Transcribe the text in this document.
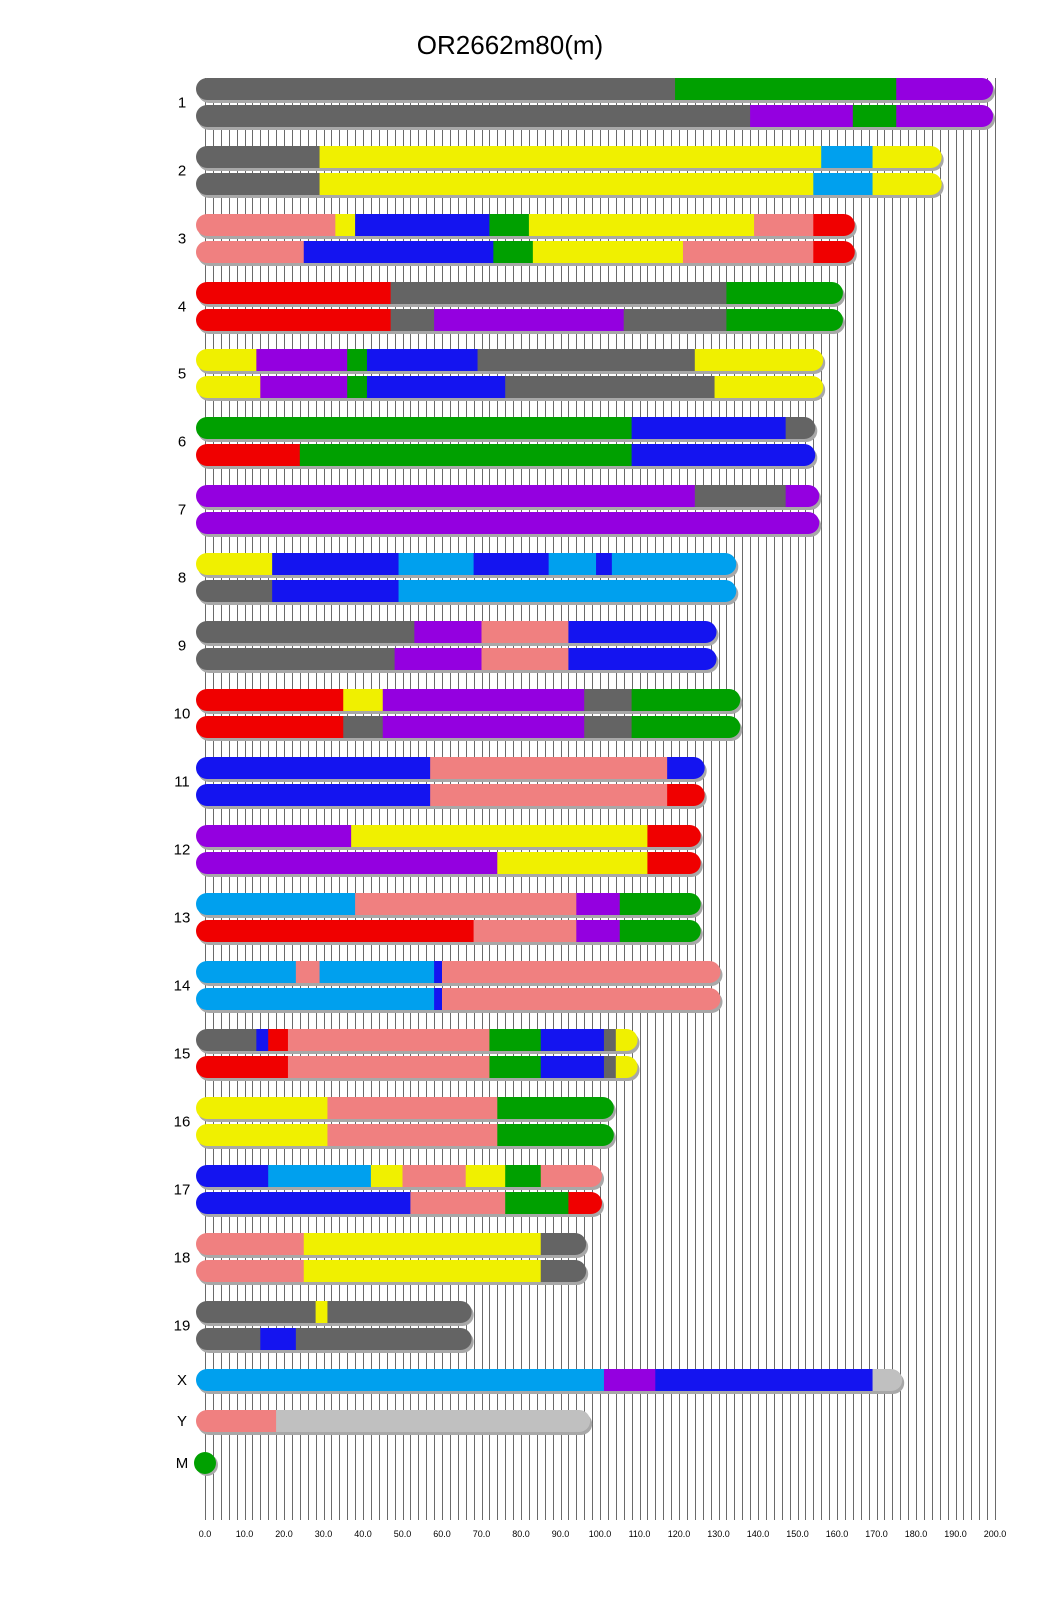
OR2662m80(m)
0.0	10.0 20.0 30.0 40.0 50.0 60.0 70.0 80.0 90.0 100.0 110.0 120.0 130.0 140.0 150.0 160.0 170.0 180.0 190.0 200.0
1
2
3
4
5
6
7
8
9
10
11
12
13
14
15
16
17
18
19
X
Y
M
